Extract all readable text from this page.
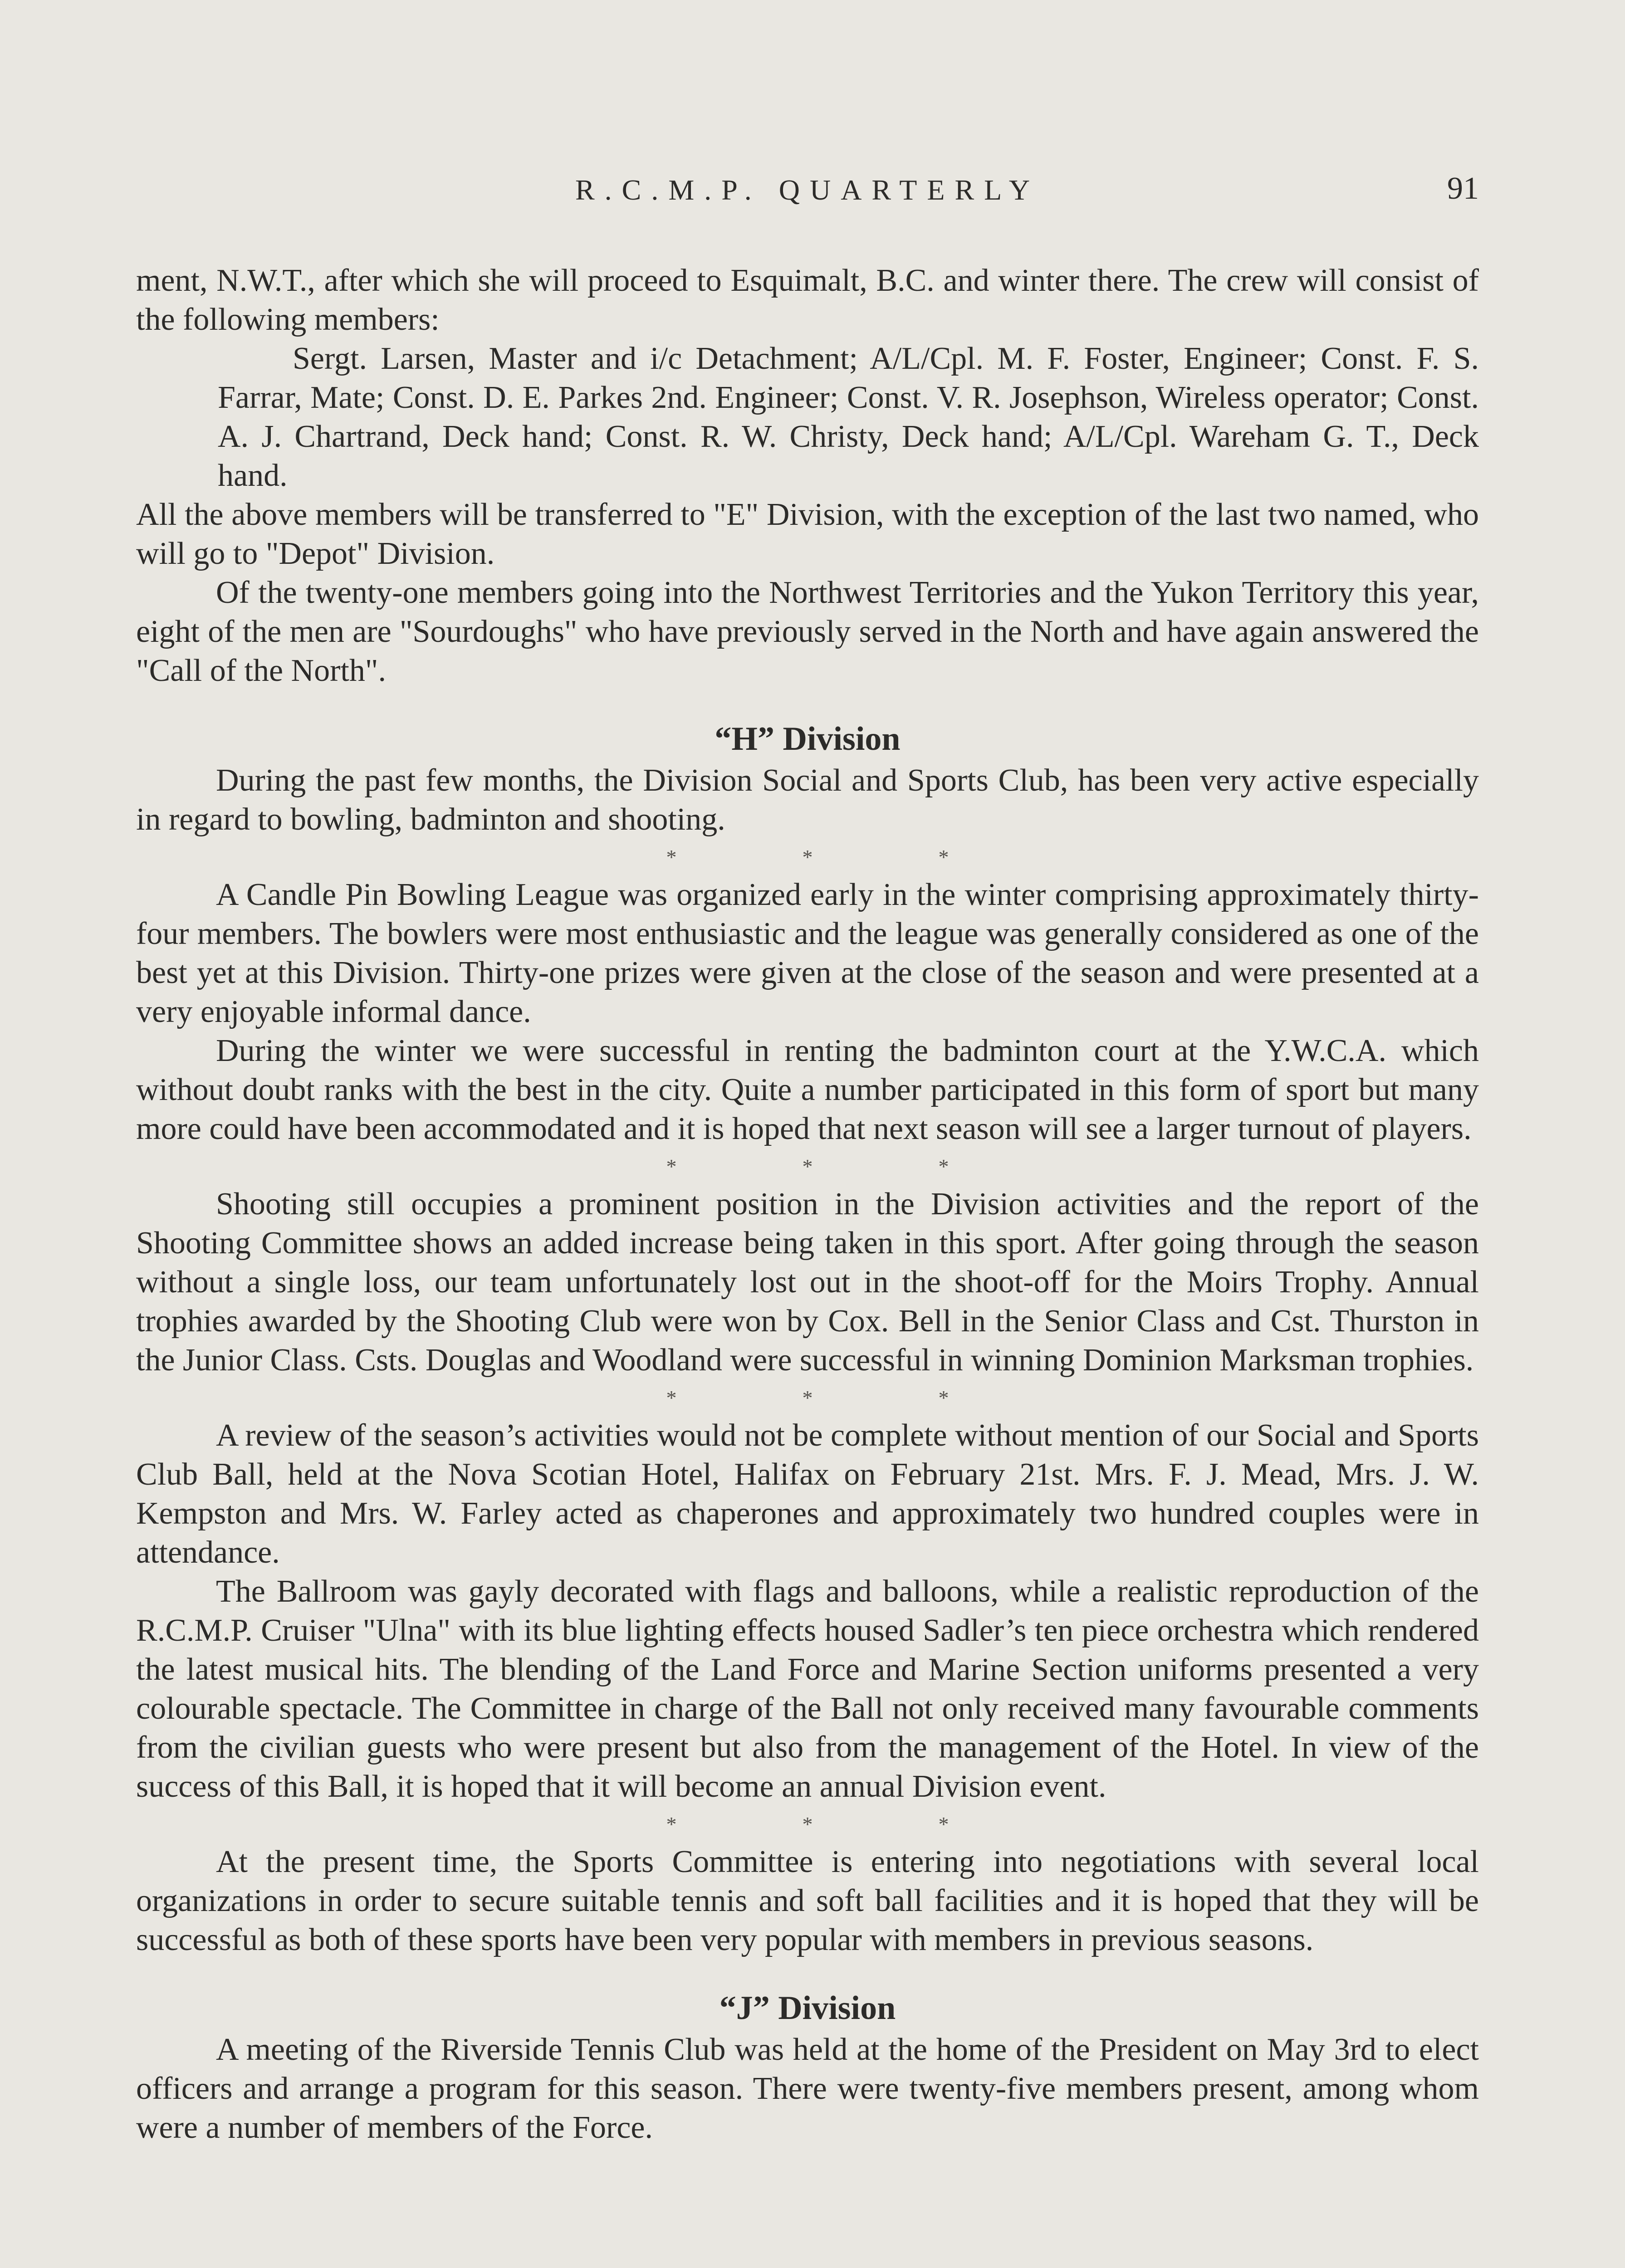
R.C.M.P. QUARTERLY	91

ment, N.W.T., after which she will proceed to Esquimalt, B.C. and winter there. The crew will consist of the following members:

Sergt. Larsen, Master and i/c Detachment; A/L/Cpl. M. F. Foster, Engineer; Const. F. S. Farrar, Mate; Const. D. E. Parkes 2nd. Engineer; Const. V. R. Josephson, Wireless operator; Const. A. J. Chartrand, Deck hand; Const. R. W. Christy, Deck hand; A/L/Cpl. Wareham G. T., Deck hand.

All the above members will be transferred to "E" Division, with the exception of the last two named, who will go to "Depot" Division.

Of the twenty-one members going into the Northwest Territories and the Yukon Territory this year, eight of the men are "Sourdoughs" who have previously served in the North and have again answered the "Call of the North".

“H” Division

During the past few months, the Division Social and Sports Club, has been very active especially in regard to bowling, badminton and shooting.

*	*	*

A Candle Pin Bowling League was organized early in the winter comprising approximately thirty-four members. The bowlers were most enthusiastic and the league was generally considered as one of the best yet at this Division. Thirty-one prizes were given at the close of the season and were presented at a very enjoyable informal dance.

During the winter we were successful in renting the badminton court at the Y.W.C.A. which without doubt ranks with the best in the city. Quite a number participated in this form of sport but many more could have been accommodated and it is hoped that next season will see a larger turnout of players.

*	*	*

Shooting still occupies a prominent position in the Division activities and the report of the Shooting Committee shows an added increase being taken in this sport. After going through the season without a single loss, our team unfortunately lost out in the shoot-off for the Moirs Trophy. Annual trophies awarded by the Shooting Club were won by Cox. Bell in the Senior Class and Cst. Thurston in the Junior Class. Csts. Douglas and Woodland were successful in winning Dominion Marksman trophies.

*	*	*

A review of the season’s activities would not be complete without mention of our Social and Sports Club Ball, held at the Nova Scotian Hotel, Halifax on February 21st. Mrs. F. J. Mead, Mrs. J. W. Kempston and Mrs. W. Farley acted as chaperones and approximately two hundred couples were in attendance.

The Ballroom was gayly decorated with flags and balloons, while a realistic reproduction of the R.C.M.P. Cruiser "Ulna" with its blue lighting effects housed Sadler’s ten piece orchestra which rendered the latest musical hits. The blending of the Land Force and Marine Section uniforms presented a very colourable spectacle. The Committee in charge of the Ball not only received many favourable comments from the civilian guests who were present but also from the management of the Hotel. In view of the success of this Ball, it is hoped that it will become an annual Division event.

*	*	*

At the present time, the Sports Committee is entering into negotiations with several local organizations in order to secure suitable tennis and soft ball facilities and it is hoped that they will be successful as both of these sports have been very popular with members in previous seasons.

“J” Division

A meeting of the Riverside Tennis Club was held at the home of the President on May 3rd to elect officers and arrange a program for this season. There were twenty-five members present, among whom were a number of members of the Force.
